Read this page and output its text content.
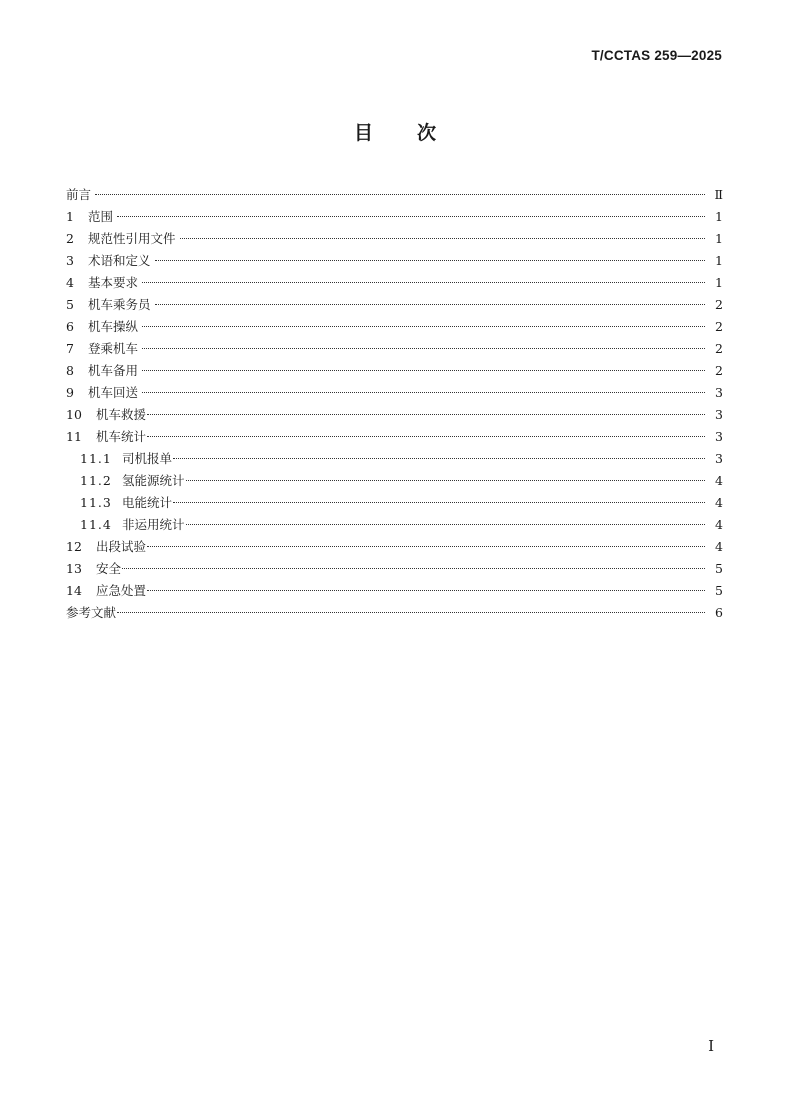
T/CCTAS 259—2025
目 次
前言	Ⅱ
1	范围	1
2	规范性引用文件	1
3	术语和定义	1
4	基本要求	1
5	机车乘务员	2
6	机车操纵	2
7	登乘机车	2
8	机车备用	2
9	机车回送	3
10	机车救援	3
11	机车统计	3
11.1 司机报单	3
11.2 氢能源统计	4
11.3 电能统计	4
11.4 非运用统计	4
12	出段试验	4
13	安全	5
14	应急处置	5
参考文献	6
I
